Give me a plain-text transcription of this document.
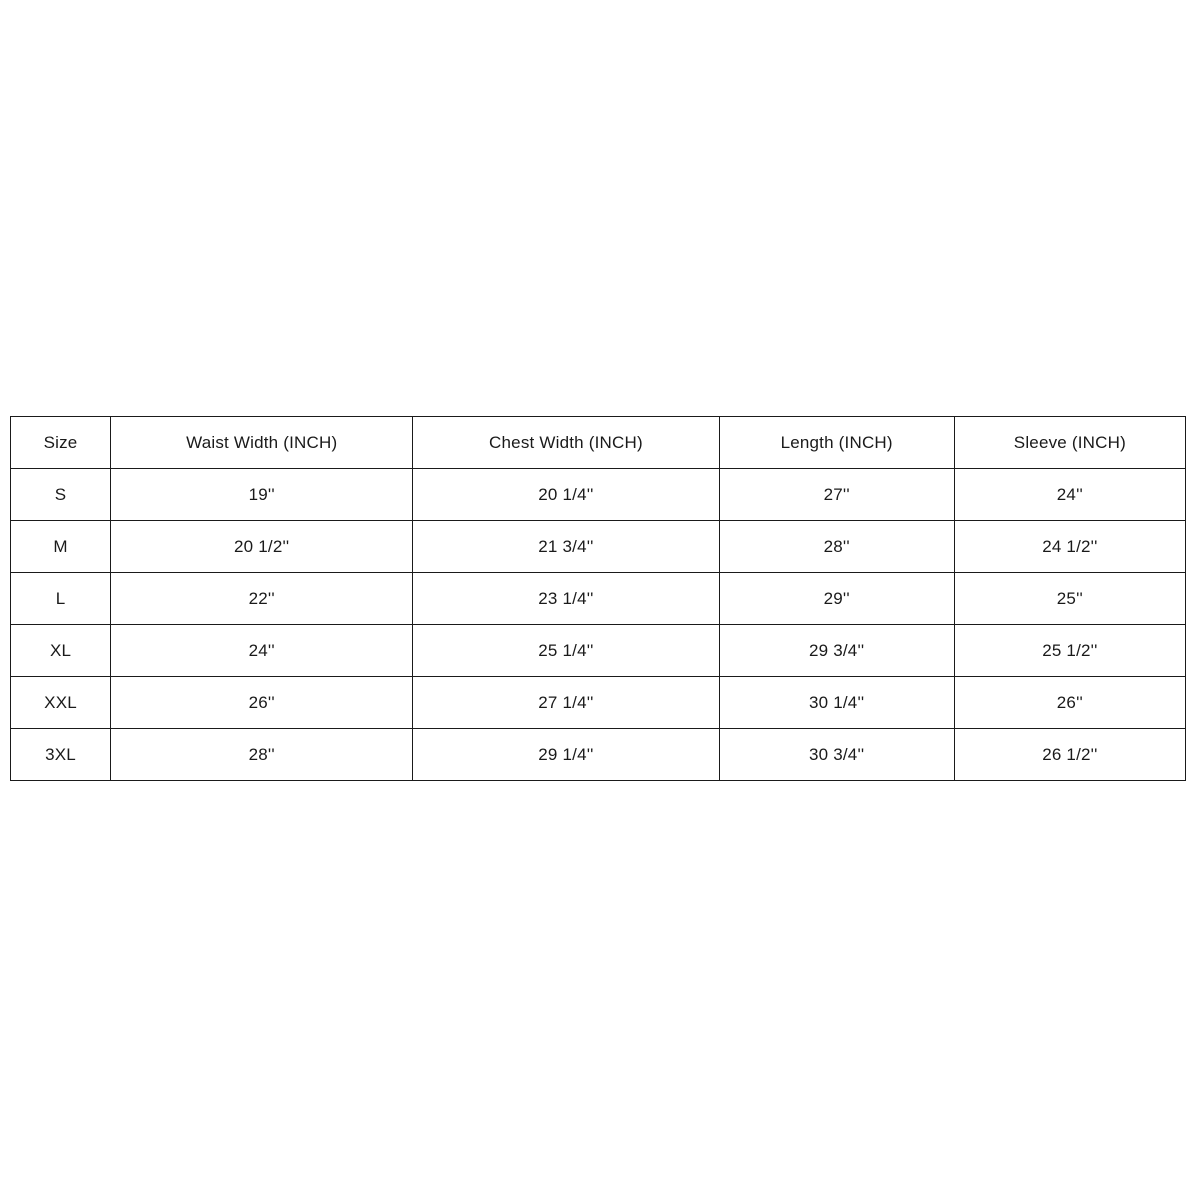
Size	Waist Width (INCH)	Chest Width (INCH)	Length (INCH)	Sleeve (INCH)
S	19''	20 1/4''	27''	24''
M	20 1/2''	21 3/4''	28''	24 1/2''
L	22''	23 1/4''	29''	25''
XL	24''	25 1/4''	29 3/4''	25 1/2''
XXL	26''	27 1/4''	30 1/4''	26''
3XL	28''	29 1/4''	30 3/4''	26 1/2''
